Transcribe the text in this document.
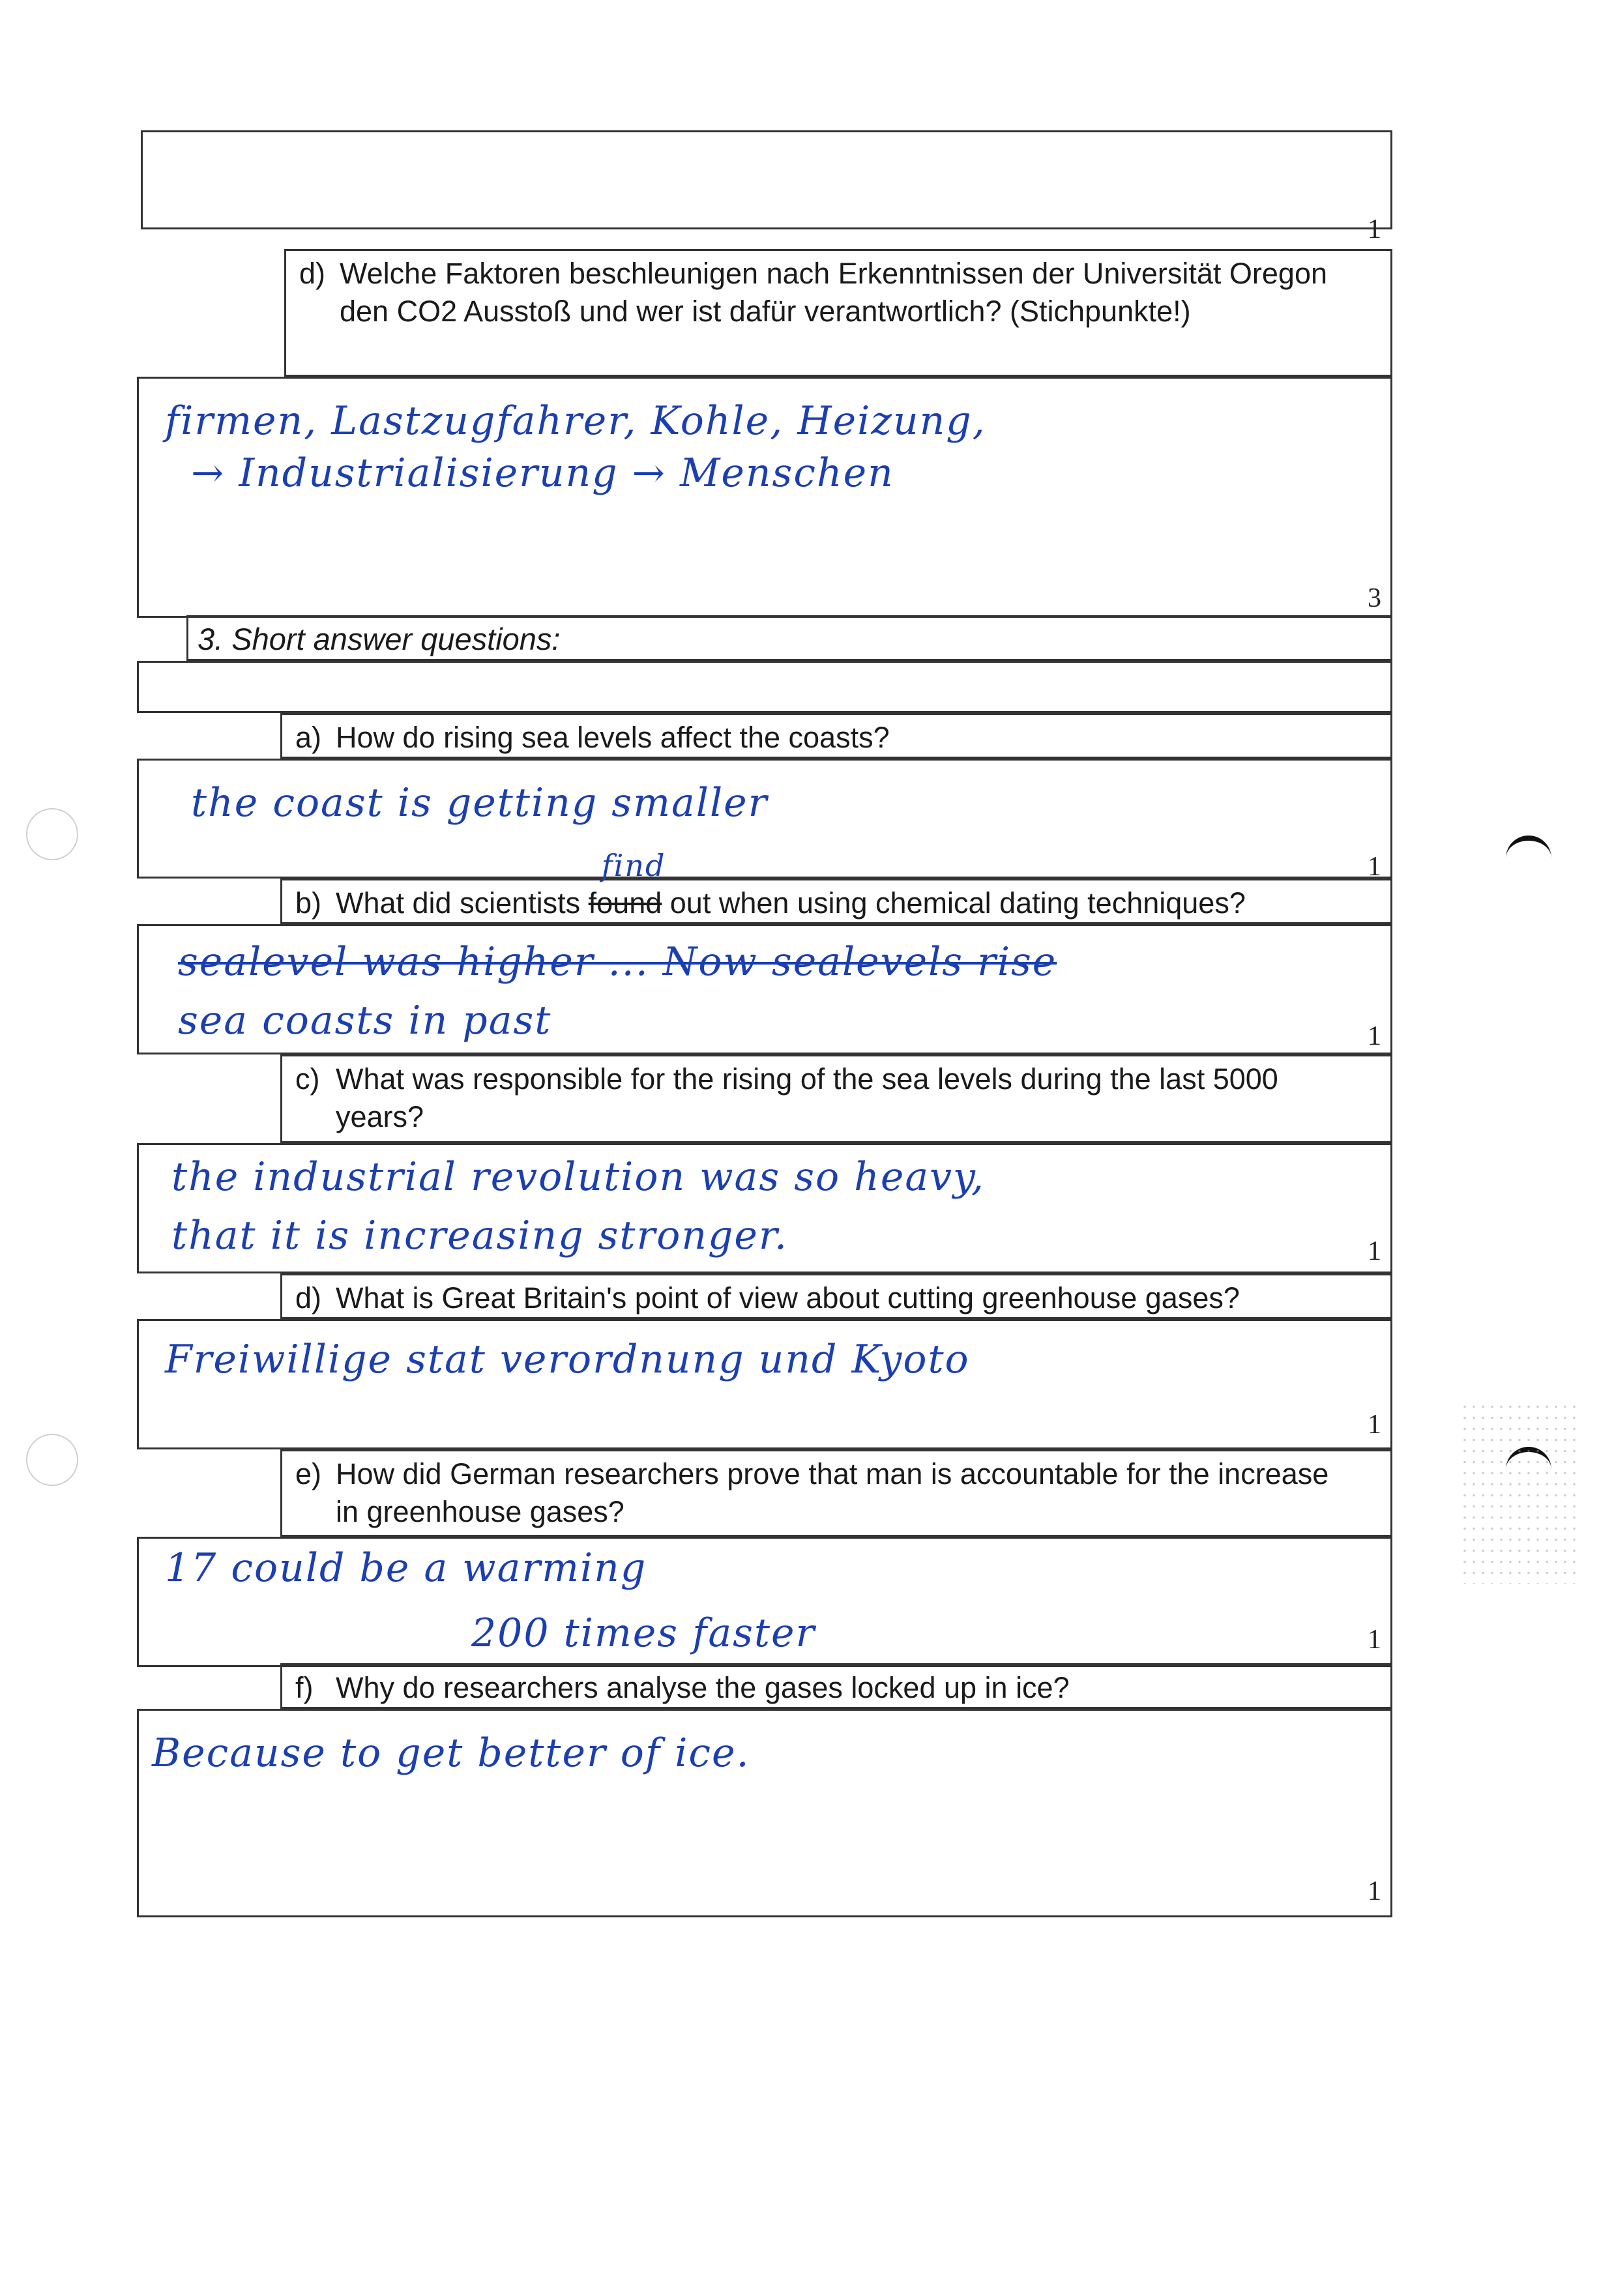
1
d) Welche Faktoren beschleunigen nach Erkenntnissen der Universität Oregon den CO2 Ausstoß und wer ist dafür verantwortlich? (Stichpunkte!)
firmen, Lastzugfahrer, Kohle, Heizung,
→ Industrialisierung → Menschen
3
3. Short answer questions:
a) How do rising sea levels affect the coasts?
the coast is getting smaller
1
b) What did scientists found
find
out when using chemical dating techniques?
sealevel was higher ... Now sealevels rise
sea coasts in past	1
c) What was responsible for the rising of the sea levels during the last 5000 years?
the industrial revolution was so heavy,
that it is increasing stronger.	1
d) What is Great Britain's point of view about cutting greenhouse gases?
Freiwillige stat verordnung und Kyoto
1
e) How did German researchers prove that man is accountable for the increase in greenhouse gases?
17 could be a warming
200 times faster	1
f) Why do researchers analyse the gases locked up in ice?
Because to get better of ice.
1
